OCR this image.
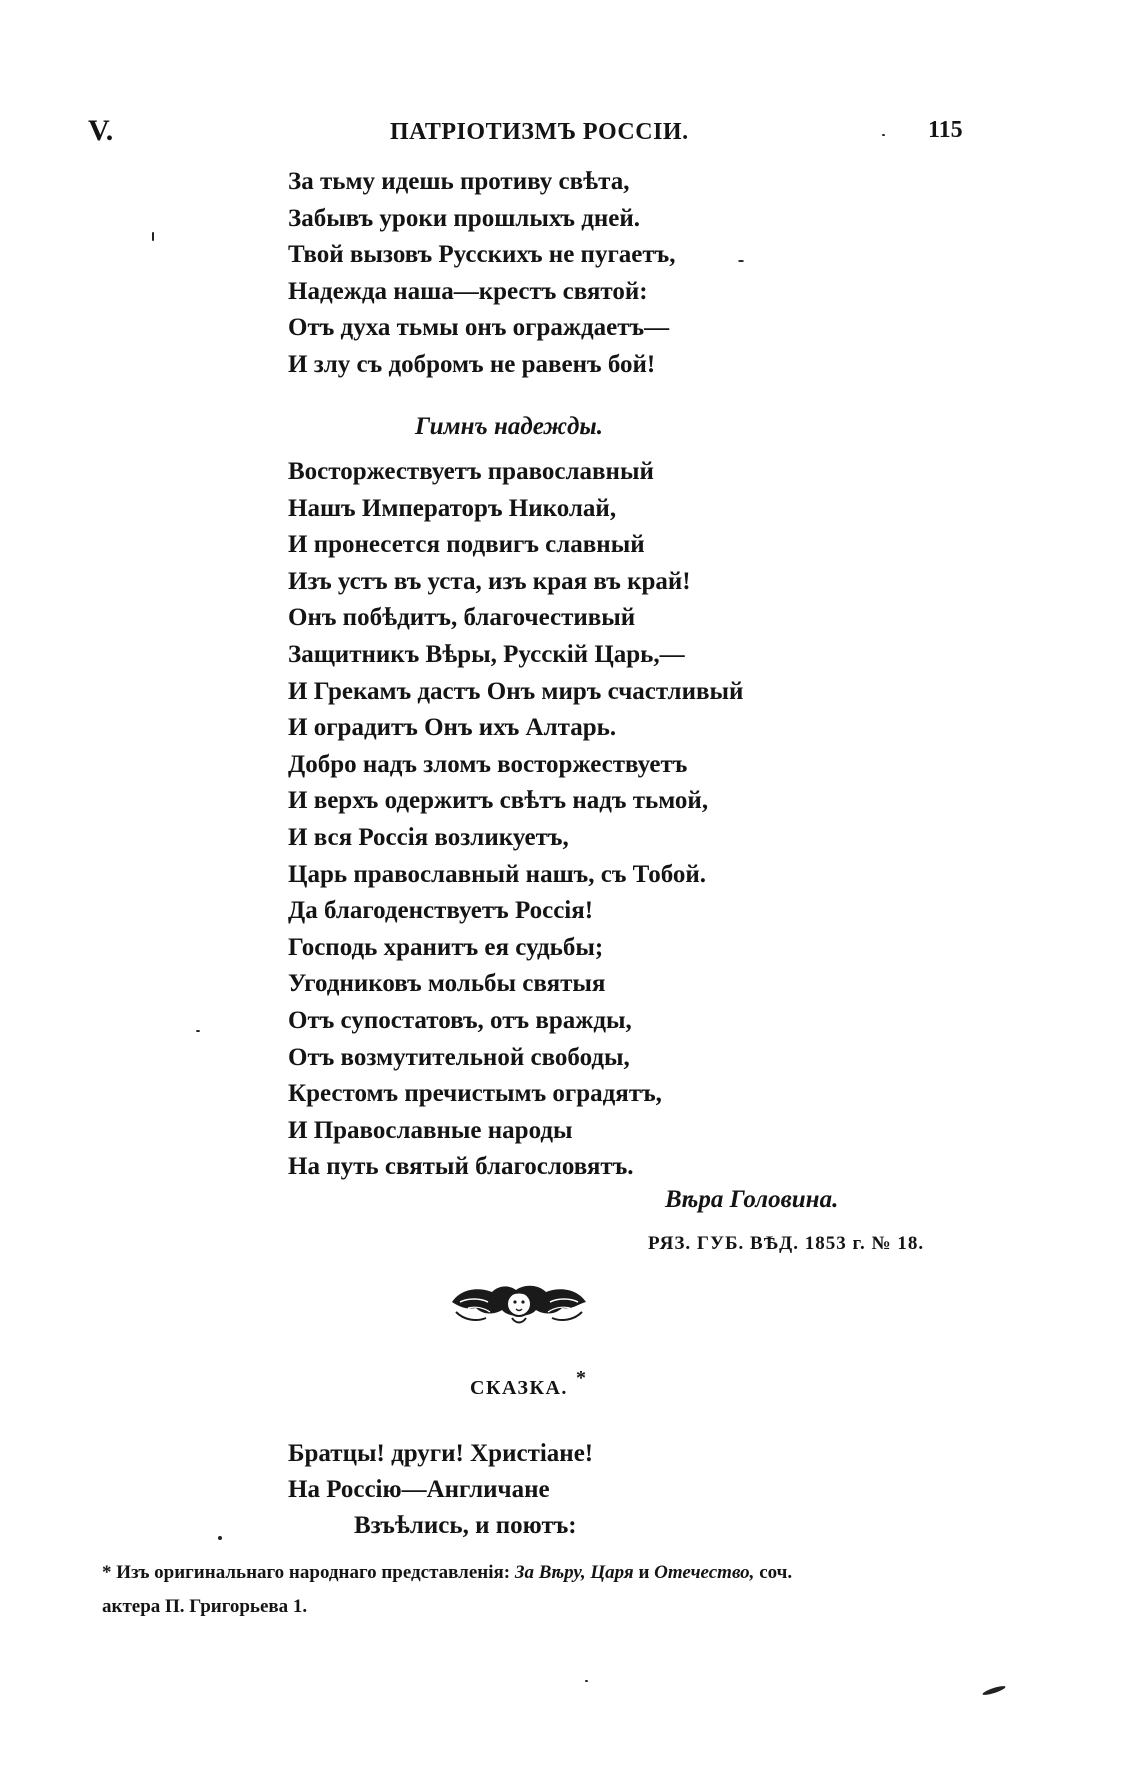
V.	ПАТРІОТИЗМЪ РОССІИ.	115
За тьму идешь противу свѣта,
Забывъ уроки прошлыхъ дней.
Твой вызовъ Русскихъ не пугаетъ,
Надежда наша—крестъ святой:
Отъ духа тьмы онъ ограждаетъ—
И злу съ добромъ не равенъ бой!
Гимнъ надежды.
Восторжествуетъ православный
Нашъ Императоръ Николай,
И пронесется подвигъ славный
Изъ устъ въ уста, изъ края въ край!
Онъ побѣдитъ, благочестивый
Защитникъ Вѣры, Русскій Царь,—
И Грекамъ дастъ Онъ миръ счастливый
И оградитъ Онъ ихъ Алтарь.
Добро надъ зломъ восторжествуетъ
И верхъ одержитъ свѣтъ надъ тьмой,
И вся Россія возликуетъ,
Царь православный нашъ, съ Тобой.
Да благоденствуетъ Россія!
Господь хранитъ ея судьбы;
Угодниковъ мольбы святыя
Отъ супостатовъ, отъ вражды,
Отъ возмутительной свободы,
Крестомъ пречистымъ оградятъ,
И Православные народы
На путь святый благословятъ.
Вѣра Головина.
РЯЗ. ГУБ. ВѢД. 1853 г. № 18.
СКАЗКА. *
Братцы! други! Христіане!
На Россію—Англичане
Взъѣлись, и поютъ:
* Изъ оригинальнаго народнаго представленія: За Вѣру, Царя и Отечество, соч.
актера П. Григорьева 1.
